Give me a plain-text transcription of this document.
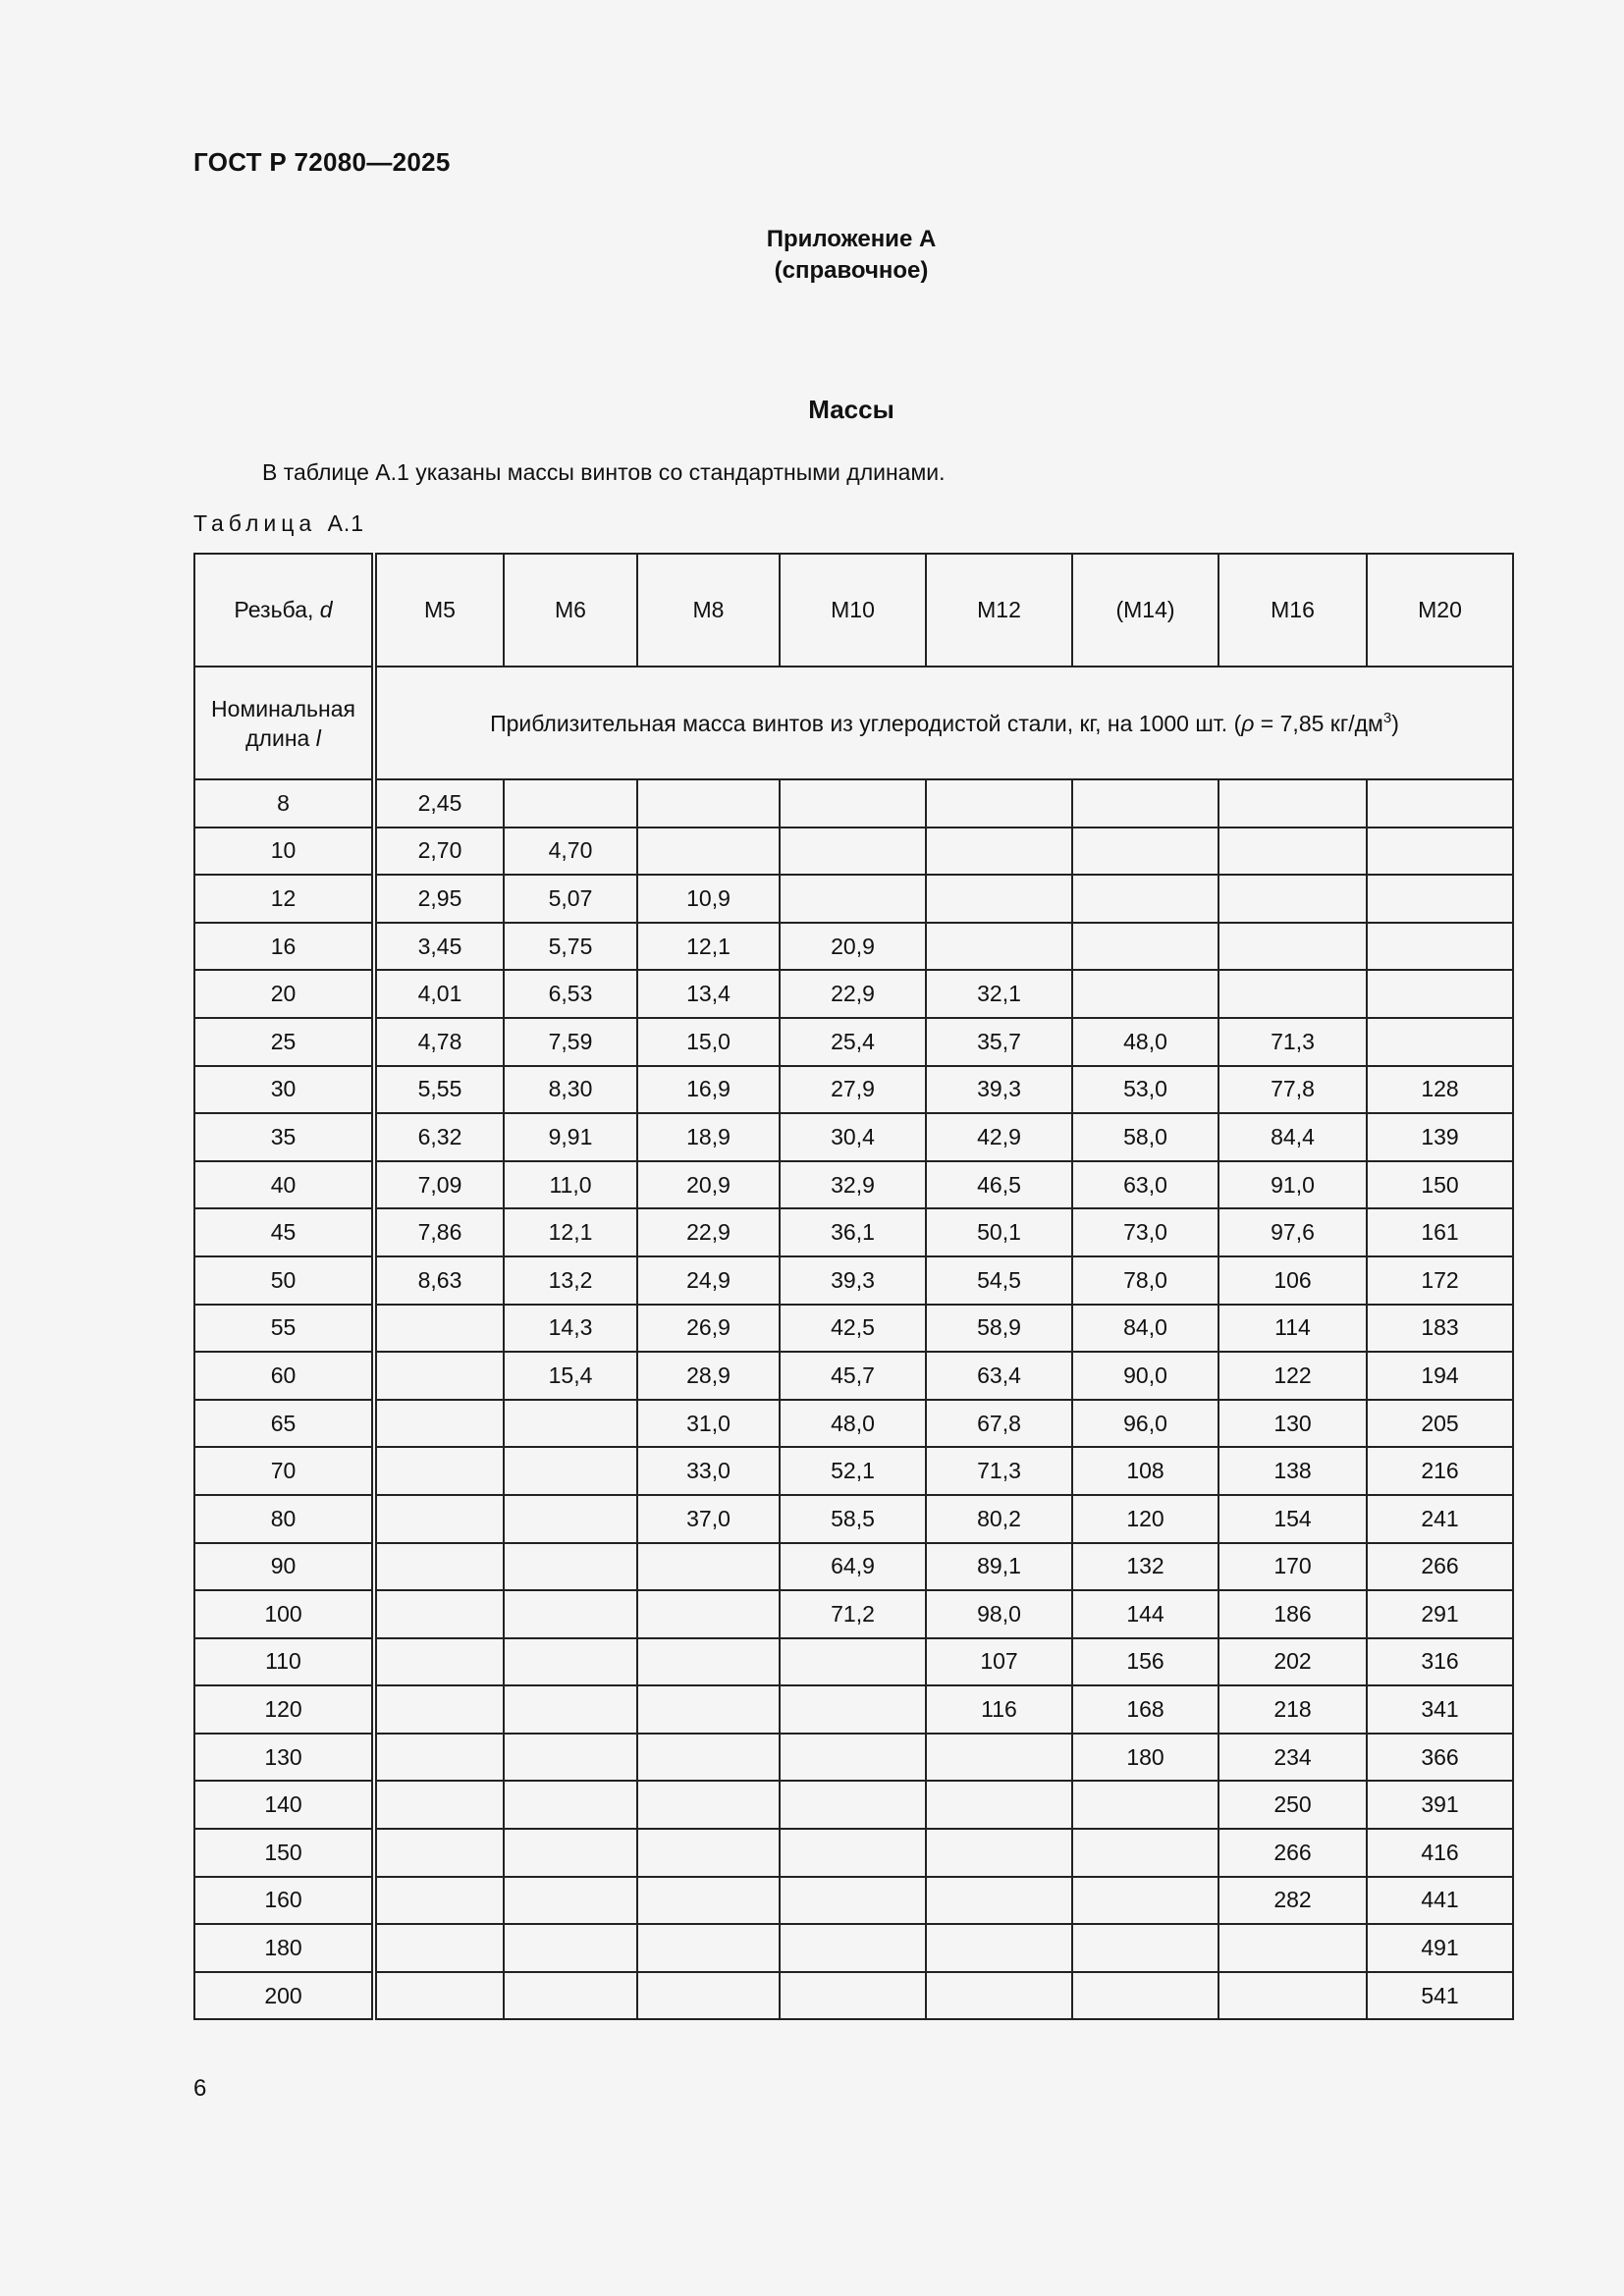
ГОСТ Р 72080—2025
Приложение А
(справочное)
Массы
В таблице А.1 указаны массы винтов со стандартными длинами.
Таблица А.1
Резьба, d	M5	M6	M8	M10	M12	(M14)	M16	M20
Номинальная длина l	Приблизительная масса винтов из углеродистой стали, кг, на 1000 шт. (ρ = 7,85 $кг/дм^3$)							
8	2,45							
10	2,70	4,70						
12	2,95	5,07	10,9					
16	3,45	5,75	12,1	20,9				
20	4,01	6,53	13,4	22,9	32,1			
25	4,78	7,59	15,0	25,4	35,7	48,0	71,3	
30	5,55	8,30	16,9	27,9	39,3	53,0	77,8	128
35	6,32	9,91	18,9	30,4	42,9	58,0	84,4	139
40	7,09	11,0	20,9	32,9	46,5	63,0	91,0	150
45	7,86	12,1	22,9	36,1	50,1	73,0	97,6	161
50	8,63	13,2	24,9	39,3	54,5	78,0	106	172
55		14,3	26,9	42,5	58,9	84,0	114	183
60		15,4	28,9	45,7	63,4	90,0	122	194
65			31,0	48,0	67,8	96,0	130	205
70			33,0	52,1	71,3	108	138	216
80			37,0	58,5	80,2	120	154	241
90				64,9	89,1	132	170	266
100				71,2	98,0	144	186	291
110					107	156	202	316
120					116	168	218	341
130						180	234	366
140							250	391
150							266	416
160							282	441
180								491
200								541
6
